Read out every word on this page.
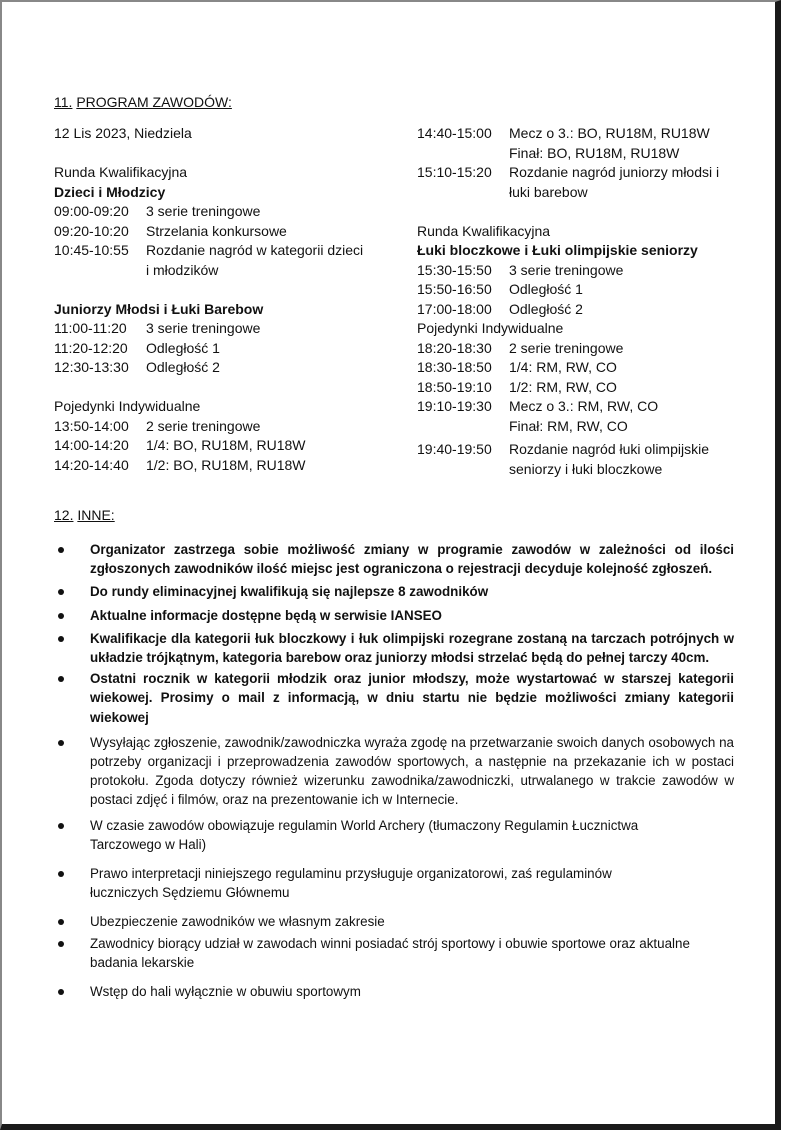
11. PROGRAM ZAWODÓW:
12 Lis 2023, Niedziela
Runda Kwalifikacyjna
Dzieci i Młodzicy
09:00-09:20	3 serie treningowe
09:20-10:20	Strzelania konkursowe
10:45-10:55	Rozdanie nagród w kategorii dzieci i młodzików
Juniorzy Młodsi i Łuki Barebow
11:00-11:20	3 serie treningowe
11:20-12:20	Odległość 1
12:30-13:30	Odległość 2
Pojedynki Indywidualne
13:50-14:00	2 serie treningowe
14:00-14:20	1/4: BO, RU18M, RU18W
14:20-14:40	1/2: BO, RU18M, RU18W
14:40-15:00	Mecz o 3.: BO, RU18M, RU18W
Finał: BO, RU18M, RU18W
15:10-15:20	Rozdanie nagród juniorzy młodsi i łuki barebow
Runda Kwalifikacyjna
Łuki bloczkowe i Łuki olimpijskie seniorzy
15:30-15:50	3 serie treningowe
15:50-16:50	Odległość 1
17:00-18:00	Odległość 2
Pojedynki Indywidualne
18:20-18:30	2 serie treningowe
18:30-18:50	1/4: RM, RW, CO
18:50-19:10	1/2: RM, RW, CO
19:10-19:30	Mecz o 3.: RM, RW, CO
Finał: RM, RW, CO
19:40-19:50	Rozdanie nagród łuki olimpijskie seniorzy i łuki bloczkowe
12. INNE:
Organizator zastrzega sobie możliwość zmiany w programie zawodów w zależności od ilości zgłoszonych zawodników ilość miejsc jest ograniczona o rejestracji decyduje kolejność zgłoszeń.
Do rundy eliminacyjnej kwalifikują się najlepsze 8 zawodników
Aktualne informacje dostępne będą w serwisie IANSEO
Kwalifikacje dla kategorii łuk bloczkowy i łuk olimpijski rozegrane zostaną na tarczach potrójnych w układzie trójkątnym, kategoria barebow oraz juniorzy młodsi strzelać będą do pełnej tarczy 40cm.
Ostatni rocznik w kategorii młodzik oraz junior młodszy, może wystartować w starszej kategorii wiekowej. Prosimy o mail z informacją, w dniu startu nie będzie możliwości zmiany kategorii wiekowej
Wysyłając zgłoszenie, zawodnik/zawodniczka wyraża zgodę na przetwarzanie swoich danych osobowych na potrzeby organizacji i przeprowadzenia zawodów sportowych, a następnie na przekazanie ich w postaci protokołu. Zgoda dotyczy również wizerunku zawodnika/zawodniczki, utrwalanego w trakcie zawodów w postaci zdjęć i filmów, oraz na prezentowanie ich w Internecie.
W czasie zawodów obowiązuje regulamin World Archery (tłumaczony Regulamin Łucznictwa Tarczowego w Hali)
Prawo interpretacji niniejszego regulaminu przysługuje organizatorowi, zaś regulaminów łuczniczych Sędziemu Głównemu
Ubezpieczenie zawodników we własnym zakresie
Zawodnicy biorący udział w zawodach winni posiadać strój sportowy i obuwie sportowe oraz aktualne badania lekarskie
Wstęp do hali wyłącznie w obuwiu sportowym
